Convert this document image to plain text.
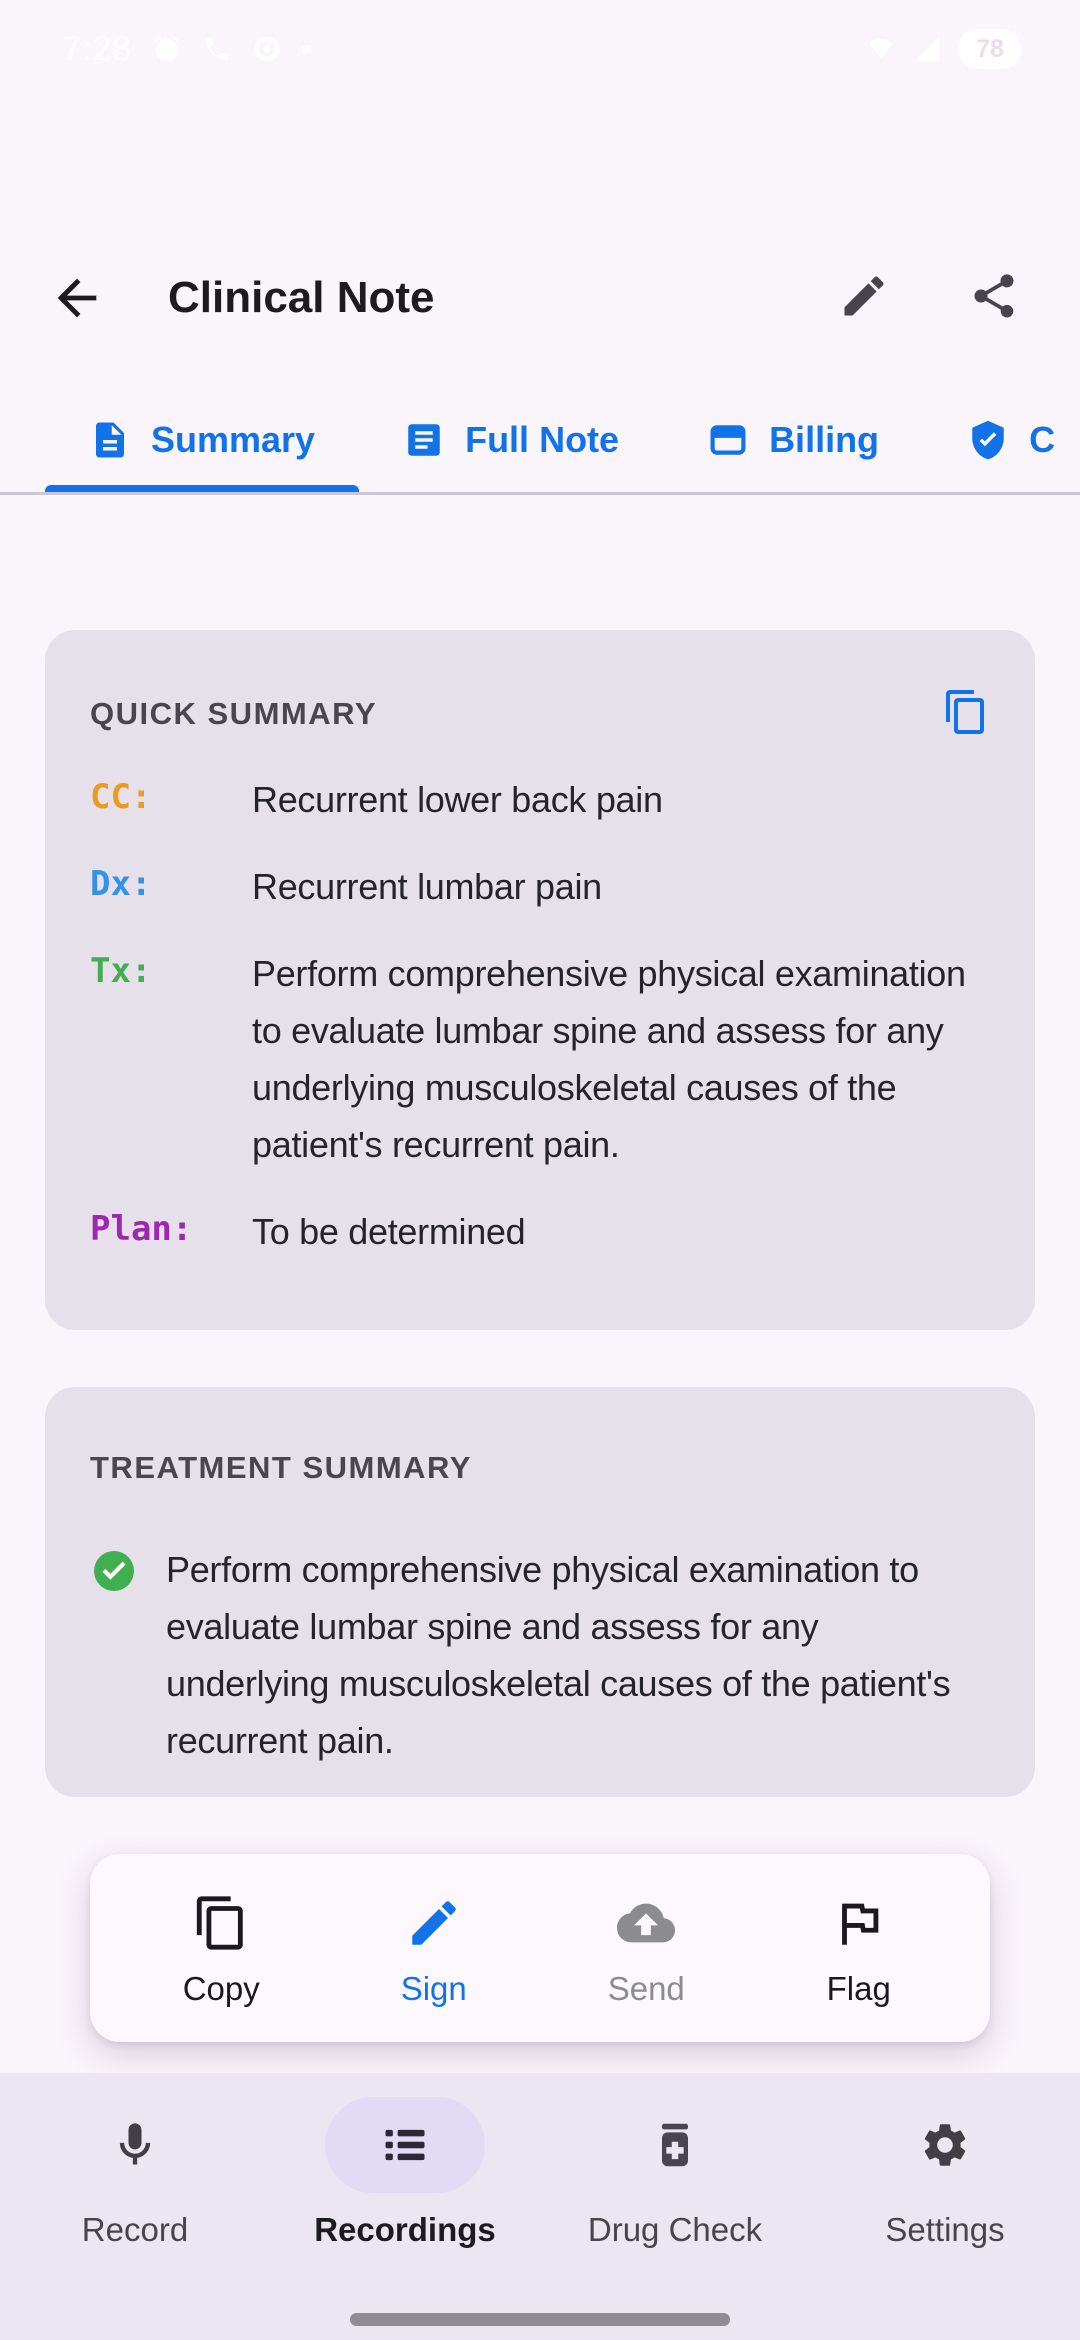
7:28	78
Clinical Note
Summary	Full Note	Billing	C
QUICK SUMMARY
CC:	Recurrent lower back pain
Dx:	Recurrent lumbar pain
Tx:	Perform comprehensive physical examination to evaluate lumbar spine and assess for any underlying musculoskeletal causes of the patient's recurrent pain.
Plan:	To be determined
TREATMENT SUMMARY
Perform comprehensive physical examination to evaluate lumbar spine and assess for any underlying musculoskeletal causes of the patient's recurrent pain.
Copy	Sign	Send	Flag
Record	Recordings	Drug Check	Settings
